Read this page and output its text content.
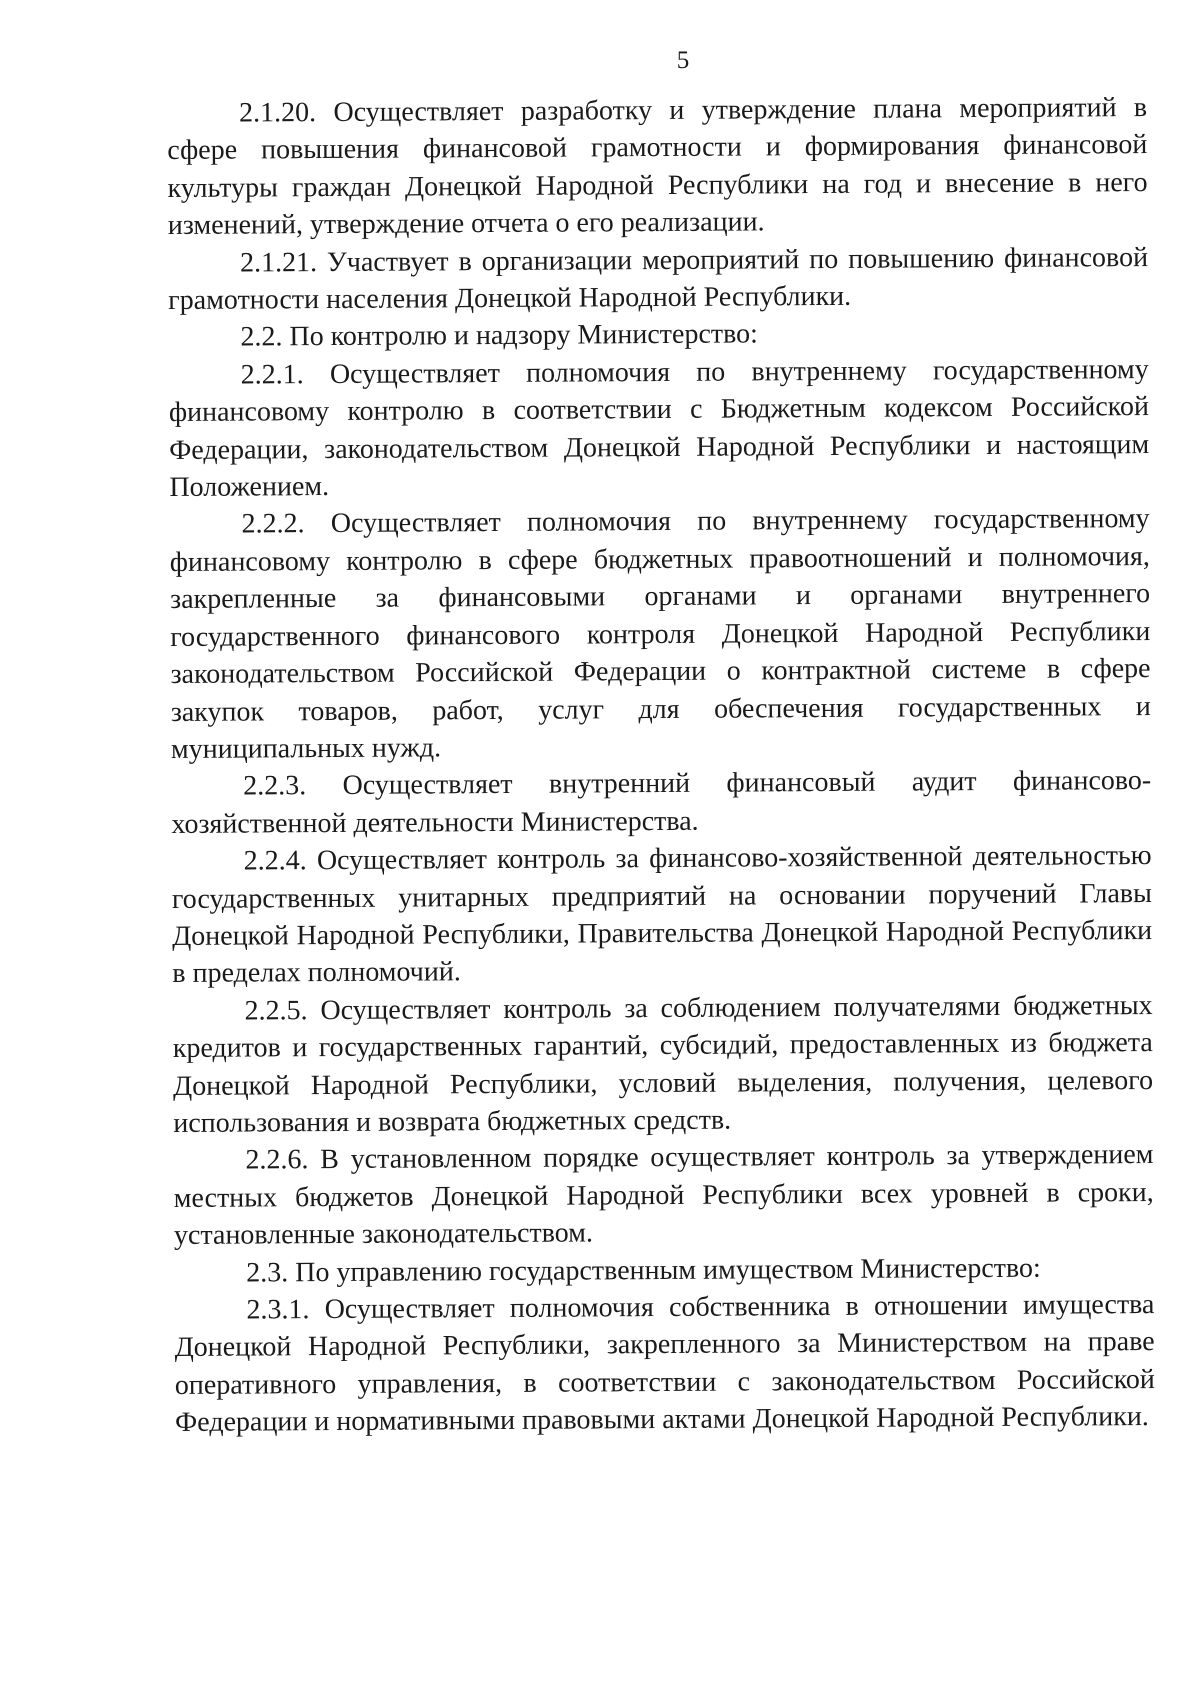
5

2.1.20. Осуществляет разработку и утверждение плана мероприятий в сфере повышения финансовой грамотности и формирования финансовой культуры граждан Донецкой Народной Республики на год и внесение в него изменений, утверждение отчета о его реализации.

2.1.21. Участвует в организации мероприятий по повышению финансовой грамотности населения Донецкой Народной Республики.

2.2. По контролю и надзору Министерство:

2.2.1. Осуществляет полномочия по внутреннему государственному финансовому контролю в соответствии с Бюджетным кодексом Российской Федерации, законодательством Донецкой Народной Республики и настоящим Положением.

2.2.2. Осуществляет полномочия по внутреннему государственному финансовому контролю в сфере бюджетных правоотношений и полномочия, закрепленные за финансовыми органами и органами внутреннего государственного финансового контроля Донецкой Народной Республики законодательством Российской Федерации о контрактной системе в сфере закупок товаров, работ, услуг для обеспечения государственных и муниципальных нужд.

2.2.3. Осуществляет внутренний финансовый аудит финансово-хозяйственной деятельности Министерства.

2.2.4. Осуществляет контроль за финансово-хозяйственной деятельностью государственных унитарных предприятий на основании поручений Главы Донецкой Народной Республики, Правительства Донецкой Народной Республики в пределах полномочий.

2.2.5. Осуществляет контроль за соблюдением получателями бюджетных кредитов и государственных гарантий, субсидий, предоставленных из бюджета Донецкой Народной Республики, условий выделения, получения, целевого использования и возврата бюджетных средств.

2.2.6. В установленном порядке осуществляет контроль за утверждением местных бюджетов Донецкой Народной Республики всех уровней в сроки, установленные законодательством.

2.3. По управлению государственным имуществом Министерство:

2.3.1. Осуществляет полномочия собственника в отношении имущества Донецкой Народной Республики, закрепленного за Министерством на праве оперативного управления, в соответствии с законодательством Российской Федерации и нормативными правовыми актами Донецкой Народной Республики.
